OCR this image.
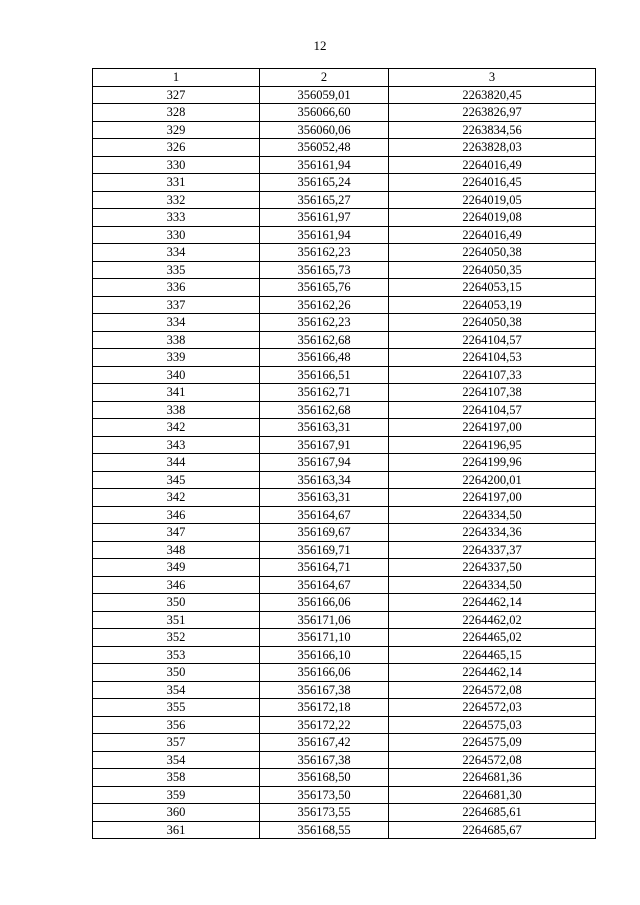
12
1	2	3
327	356059,01	2263820,45
328	356066,60	2263826,97
329	356060,06	2263834,56
326	356052,48	2263828,03
330	356161,94	2264016,49
331	356165,24	2264016,45
332	356165,27	2264019,05
333	356161,97	2264019,08
330	356161,94	2264016,49
334	356162,23	2264050,38
335	356165,73	2264050,35
336	356165,76	2264053,15
337	356162,26	2264053,19
334	356162,23	2264050,38
338	356162,68	2264104,57
339	356166,48	2264104,53
340	356166,51	2264107,33
341	356162,71	2264107,38
338	356162,68	2264104,57
342	356163,31	2264197,00
343	356167,91	2264196,95
344	356167,94	2264199,96
345	356163,34	2264200,01
342	356163,31	2264197,00
346	356164,67	2264334,50
347	356169,67	2264334,36
348	356169,71	2264337,37
349	356164,71	2264337,50
346	356164,67	2264334,50
350	356166,06	2264462,14
351	356171,06	2264462,02
352	356171,10	2264465,02
353	356166,10	2264465,15
350	356166,06	2264462,14
354	356167,38	2264572,08
355	356172,18	2264572,03
356	356172,22	2264575,03
357	356167,42	2264575,09
354	356167,38	2264572,08
358	356168,50	2264681,36
359	356173,50	2264681,30
360	356173,55	2264685,61
361	356168,55	2264685,67
